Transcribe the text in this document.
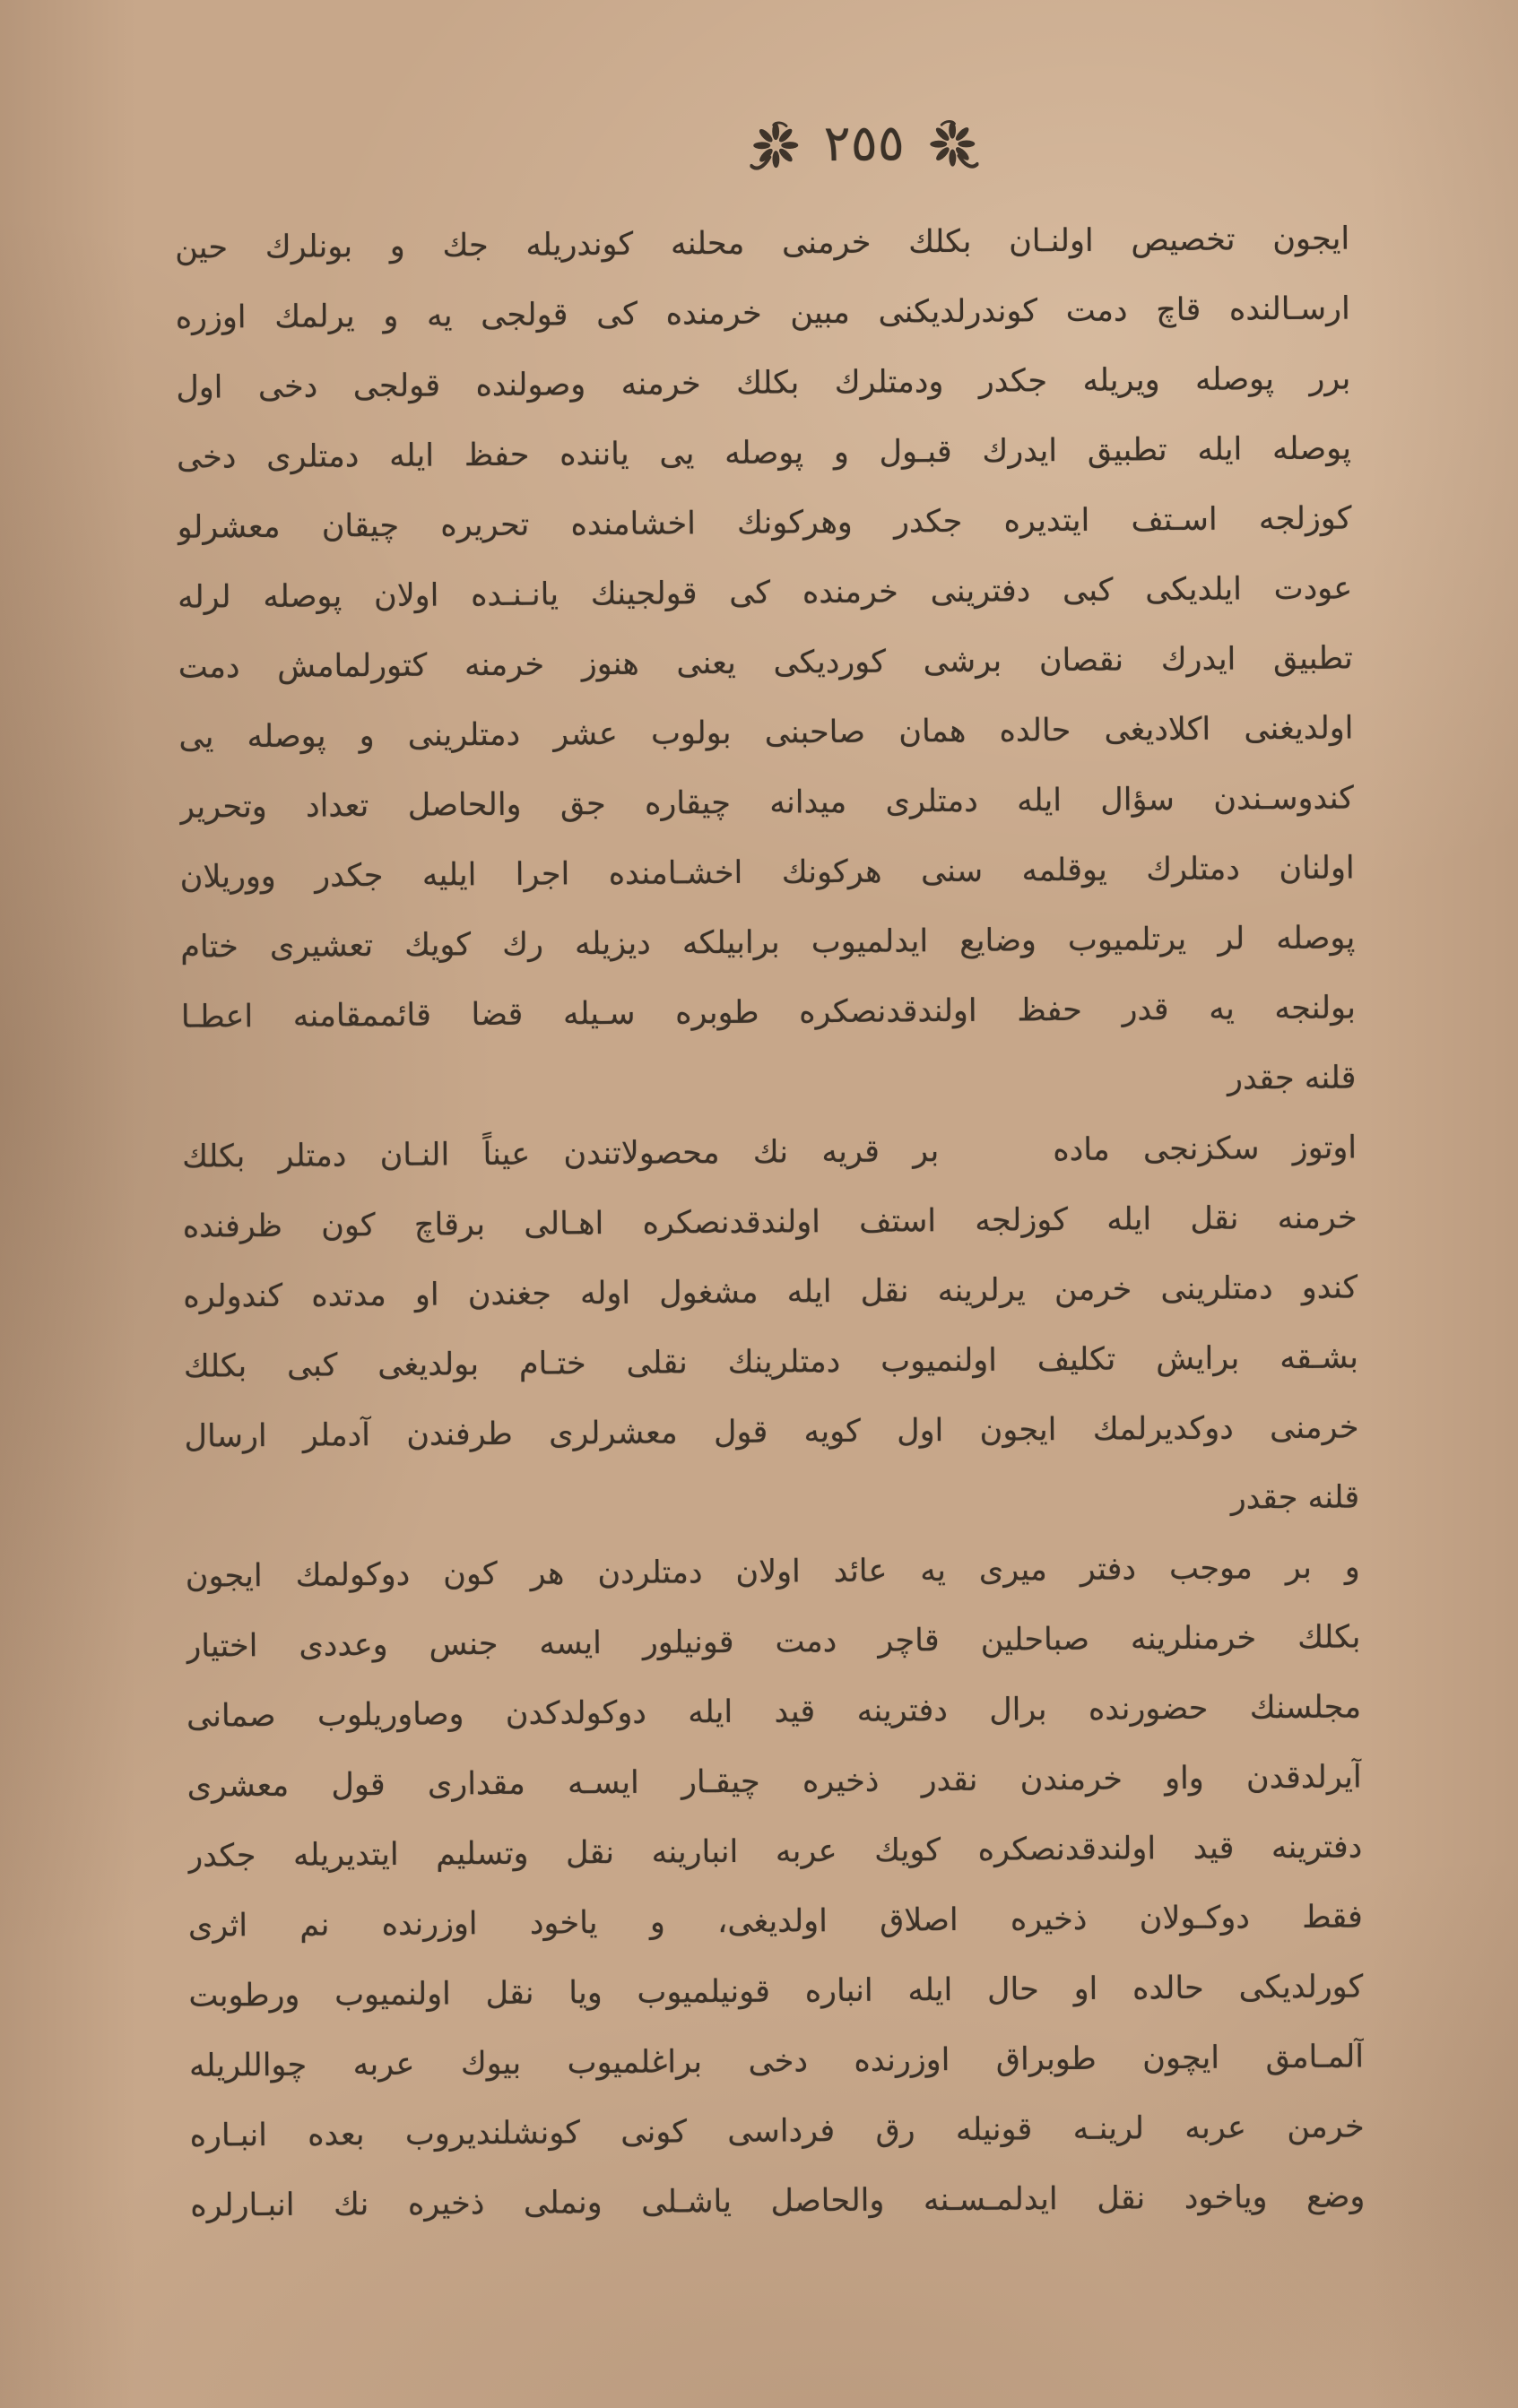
٢٥٥
ايجون تخصيص اولنـان بكلك خرمنى محلنه كوندريله جك و بونلرك حين
ارسـالنده قاچ دمت كوندرلديكنى مبين خرمنده كى قولجى يه و يرلمك اوزره
برر پوصله ويريله جكدر ودمتلرك بكلك خرمنه وصولنده قولجى دخى اول
پوصله ايله تطبيق ايدرك قبـول و پوصله يى ياننده حفظ ايله دمتلرى دخى
كوزلجه اسـتف ايتديره جكدر وهركونك اخشامنده تحريره چيقان معشرلو
عودت ايلديكى كبى دفترينى خرمنده كى قولجينك يانـنـده اولان پوصله لرله
تطبيق ايدرك نقصان برشى كورديكى يعنى هنوز خرمنه كتورلمامش دمت
اولديغنى اكلاديغى حالده همان صاحبنى بولوب عشر دمتلرينى و پوصله يى
كندوسـندن سؤال ايله دمتلرى ميدانه چيقاره جق والحاصل تعداد وتحرير
اولنان دمتلرك يوقلمه سنى هركونك اخشـامنده اجرا ايليه جكدر ووريلان
پوصله لر يرتلميوب وضايع ايدلميوب برابيلكه ديزيله رك كويك تعشيرى ختام
بولنجه يه قدر حفظ اولندقدنصكره طوبره سـيله قضا قائممقامنه اعطـا
قلنه جقدر
اوتوز سكزنجى ماده    بر قريه نك محصولاتندن عيناً النـان دمتلر بكلك
خرمنه نقل ايله كوزلجه استف اولندقدنصكره اهـالى برقاچ كون ظرفنده
كندو دمتلرينى خرمن يرلرينه نقل ايله مشغول اوله جغندن او مدتده كندولره
بشـقه برايش تكليف اولنميوب دمتلرينك نقلى ختـام بولديغى كبى بكلك
خرمنى دوكديرلمك ايجون اول كويه قول معشرلرى طرفندن آدملر ارسال
قلنه جقدر
و بر موجب دفتر ميرى يه عائد اولان دمتلردن هر كون دوكولمك ايجون
بكلك خرمنلرينه صباحلين قاچر دمت قونيلور ايسه جنس وعددى اختيار
مجلسنك حضورنده برال دفترينه قيد ايله دوكولدكدن وصاوريلوب صمانى
آيرلدقدن واو خرمندن نقدر ذخيره چيقـار ايسـه مقدارى قول معشرى
دفترينه قيد اولندقدنصكره كويك عربه انبارينه نقل وتسليم ايتديريله جكدر
فقط دوكـولان ذخيره اصلاق اولديغى، و ياخود اوزرنده نم اثرى
كورلديكى حالده او حال ايله انباره قونيلميوب ويا نقل اولنميوب ورطوبت
آلمـامق ايچون طوبراق اوزرنده دخى براغلميوب بيوك عربه چواللريله
خرمن عربه لرينـه قونيله رق فرداسى كونى كونشلنديروب بعده انبـاره
وضع وياخود نقل ايدلمـسـنه والحاصل ياشـلى ونملى ذخيره نك انبـارلره
